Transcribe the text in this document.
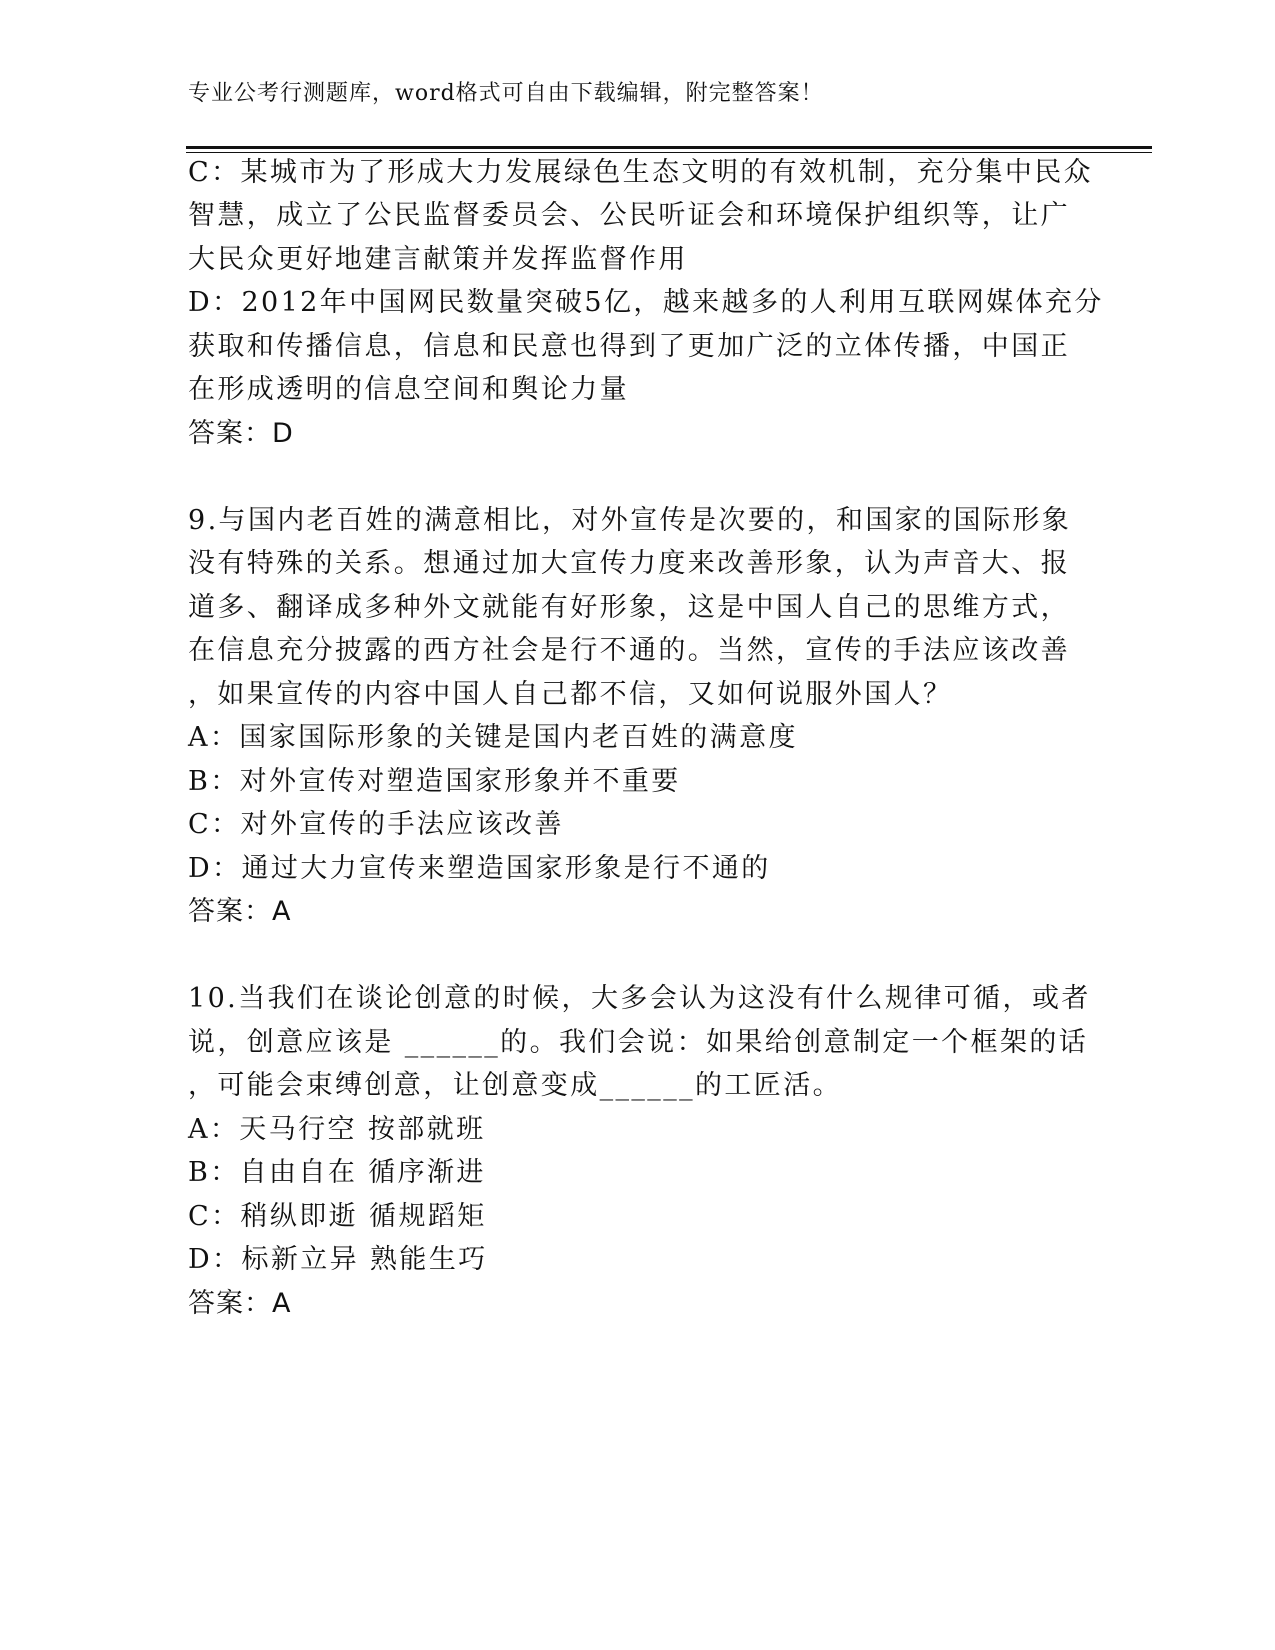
专业公考行测题库，word格式可自由下载编辑，附完整答案！
C：某城市为了形成大力发展绿色生态文明的有效机制，充分集中民众
智慧，成立了公民监督委员会、公民听证会和环境保护组织等，让广
大民众更好地建言献策并发挥监督作用
D：2012年中国网民数量突破5亿，越来越多的人利用互联网媒体充分
获取和传播信息，信息和民意也得到了更加广泛的立体传播，中国正
在形成透明的信息空间和舆论力量
答案：D
9.与国内老百姓的满意相比，对外宣传是次要的，和国家的国际形象
没有特殊的关系。想通过加大宣传力度来改善形象，认为声音大、报
道多、翻译成多种外文就能有好形象，这是中国人自己的思维方式，
在信息充分披露的西方社会是行不通的。当然，宣传的手法应该改善
，如果宣传的内容中国人自己都不信，又如何说服外国人？
A：国家国际形象的关键是国内老百姓的满意度
B：对外宣传对塑造国家形象并不重要
C：对外宣传的手法应该改善
D：通过大力宣传来塑造国家形象是行不通的
答案：A
10.当我们在谈论创意的时候，大多会认为这没有什么规律可循，或者
说，创意应该是 ______的。我们会说：如果给创意制定一个框架的话
，可能会束缚创意，让创意变成______的工匠活。
A：天马行空 按部就班
B：自由自在 循序渐进
C：稍纵即逝 循规蹈矩
D：标新立异 熟能生巧
答案：A
